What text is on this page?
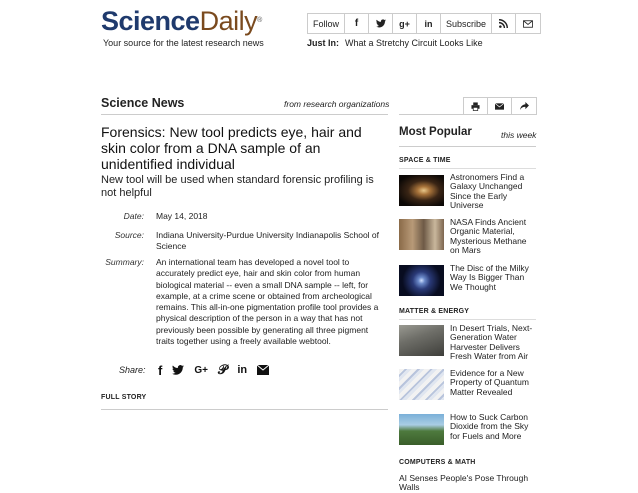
ScienceDaily®
Your source for the latest research news
Follow	f	g+	in	Subscribe
Just In: What a Stretchy Circuit Looks Like
Science News	from research organizations
Forensics: New tool predicts eye, hair and skin color from a DNA sample of an unidentified individual
New tool will be used when standard forensic profiling is not helpful
Date: May 14, 2018
Source: Indiana University-Purdue University Indianapolis School of Science
Summary: An international team has developed a novel tool to accurately predict eye, hair and skin color from human biological material -- even a small DNA sample -- left, for example, at a crime scene or obtained from archeological remains. This all-in-one pigmentation profile tool provides a physical description of the person in a way that has not previously been possible by generating all three pigment traits together using a freely available webtool.
Share: f	G+ 𝒫 in
FULL STORY
Most Popular	this week
SPACE & TIME
Astronomers Find a Galaxy Unchanged Since the Early Universe
NASA Finds Ancient Organic Material, Mysterious Methane on Mars
The Disc of the Milky Way Is Bigger Than We Thought
MATTER & ENERGY
In Desert Trials, Next-Generation Water Harvester Delivers Fresh Water from Air
Evidence for a New Property of Quantum Matter Revealed
How to Suck Carbon Dioxide from the Sky for Fuels and More
COMPUTERS & MATH
AI Senses People's Pose Through Walls
